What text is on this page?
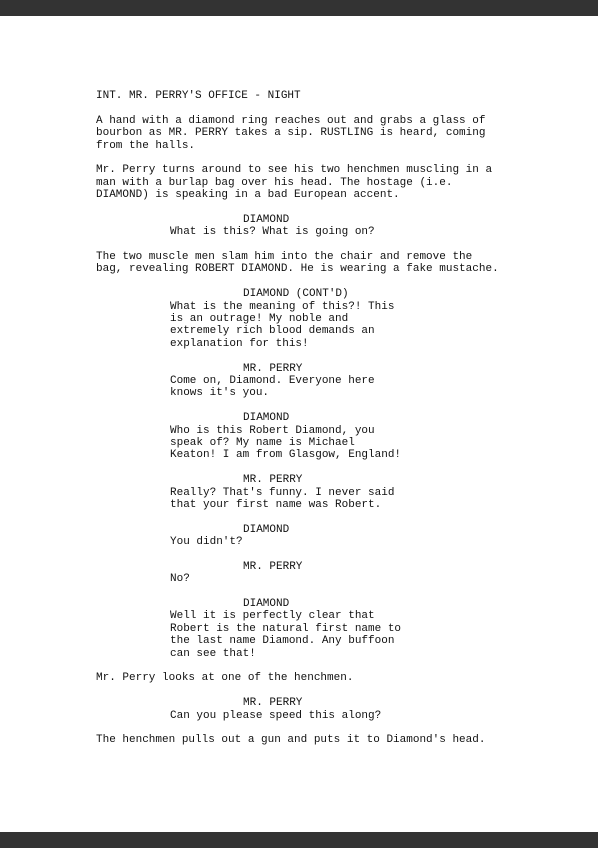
INT. MR. PERRY'S OFFICE - NIGHT
A hand with a diamond ring reaches out and grabs a glass of
bourbon as MR. PERRY takes a sip. RUSTLING is heard, coming
from the halls.
Mr. Perry turns around to see his two henchmen muscling in a
man with a burlap bag over his head. The hostage (i.e.
DIAMOND) is speaking in a bad European accent.
DIAMOND
What is this? What is going on?
The two muscle men slam him into the chair and remove the
bag, revealing ROBERT DIAMOND. He is wearing a fake mustache.
DIAMOND (CONT'D)
What is the meaning of this?! This
is an outrage! My noble and
extremely rich blood demands an
explanation for this!
MR. PERRY
Come on, Diamond. Everyone here
knows it's you.
DIAMOND
Who is this Robert Diamond, you
speak of? My name is Michael
Keaton! I am from Glasgow, England!
MR. PERRY
Really? That's funny. I never said
that your first name was Robert.
DIAMOND
You didn't?
MR. PERRY
No?
DIAMOND
Well it is perfectly clear that
Robert is the natural first name to
the last name Diamond. Any buffoon
can see that!
Mr. Perry looks at one of the henchmen.
MR. PERRY
Can you please speed this along?
The henchmen pulls out a gun and puts it to Diamond's head.
